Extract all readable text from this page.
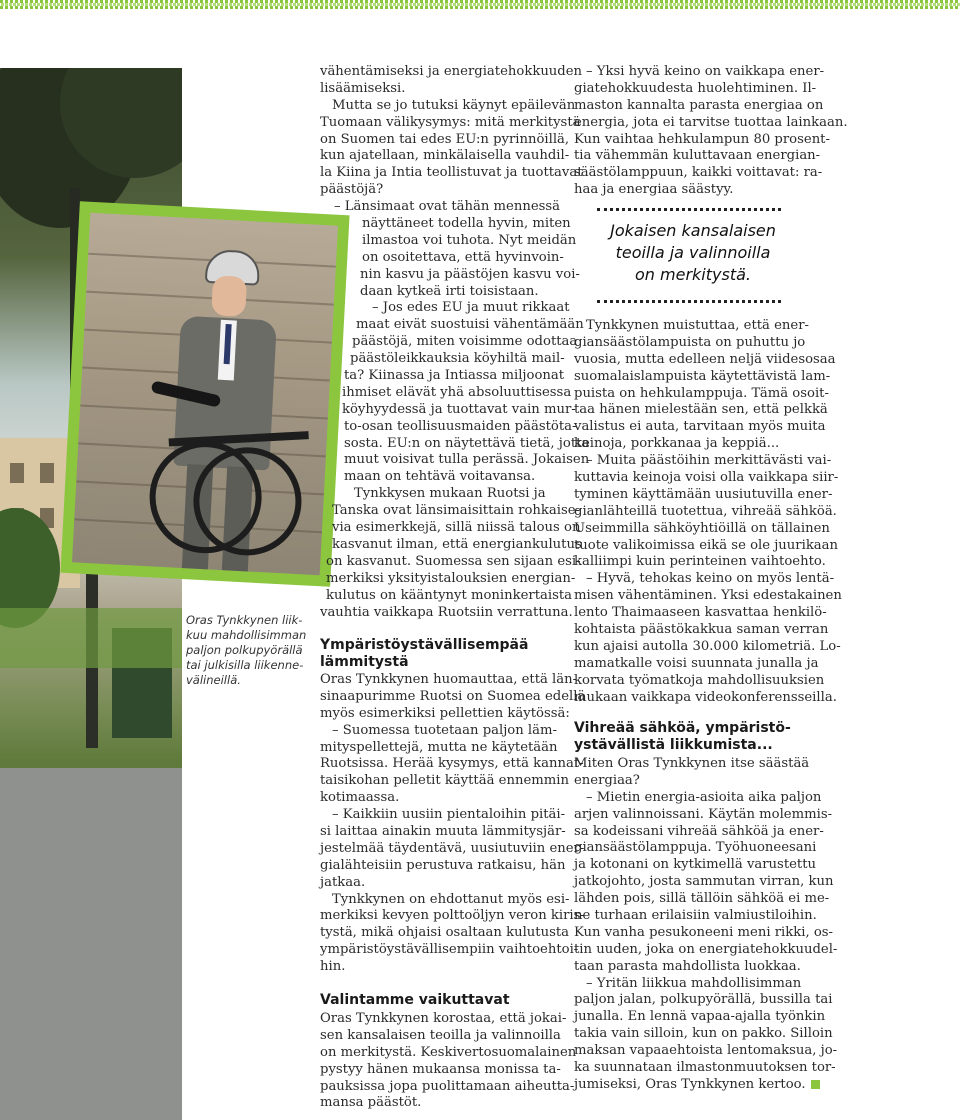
Oras Tynkkynen liik-
kuu mahdollisimman
paljon polkupyörällä
tai julkisilla liikenne-
välineillä.
vähentämiseksi ja energiatehokkuuden
lisäämiseksi.
Mutta se jo tutuksi käynyt epäilevän
Tuomaan välikysymys: mitä merkitystä
on Suomen tai edes EU:n pyrinnöillä,
kun ajatellaan, minkälaisella vauhdil-
la Kiina ja Intia teollistuvat ja tuottavat
päästöjä?
– Länsimaat ovat tähän mennessä
näyttäneet todella hyvin, miten
ilmastoa voi tuhota. Nyt meidän
on osoitettava, että hyvinvoin-
nin kasvu ja päästöjen kasvu voi-
daan kytkeä irti toisistaan.
– Jos edes EU ja muut rikkaat
maat eivät suostuisi vähentämään
päästöjä, miten voisimme odottaa
päästöleikkauksia köyhiltä mail-
ta? Kiinassa ja Intiassa miljoonat
ihmiset elävät yhä absoluuttisessa
köyhyydessä ja tuottavat vain mur-
to-osan teollisuusmaiden päästöta-
sosta. EU:n on näytettävä tietä, jotta
muut voisivat tulla perässä. Jokaisen
maan on tehtävä voitavansa.
Tynkkysen mukaan Ruotsi ja
Tanska ovat länsimaisittain rohkaise-
via esimerkkejä, sillä niissä talous on
kasvanut ilman, että energiankulutus
on kasvanut. Suomessa sen sijaan esi-
merkiksi yksityistalouksien energian-
kulutus on kääntynyt moninkertaista
vauhtia vaikkapa Ruotsiin verrattuna.
Ympäristöystävällisempää
lämmitystä
Oras Tynkkynen huomauttaa, että län-
sinaapurimme Ruotsi on Suomea edellä
myös esimerkiksi pellettien käytössä:
– Suomessa tuotetaan paljon läm-
mityspellettejä, mutta ne käytetään
Ruotsissa. Herää kysymys, että kannat-
taisikohan pelletit käyttää ennemmin
kotimaassa.
– Kaikkiin uusiin pientaloihin pitäi-
si laittaa ainakin muuta lämmitysjär-
jestelmää täydentävä, uusiutuviin ener-
gialähteisiin perustuva ratkaisu, hän
jatkaa.
Tynkkynen on ehdottanut myös esi-
merkiksi kevyen polttoöljyn veron kiris-
tystä, mikä ohjaisi osaltaan kulutusta
ympäristöystävällisempiin vaihtoehtoi-
hin.
Valintamme vaikuttavat
Oras Tynkkynen korostaa, että jokai-
sen kansalaisen teoilla ja valinnoilla
on merkitystä. Keskivertosuomalainen
pystyy hänen mukaansa monissa ta-
pauksissa jopa puolittamaan aiheutta-
mansa päästöt.
– Yksi hyvä keino on vaikkapa ener-
giatehokkuudesta huolehtiminen. Il-
maston kannalta parasta energiaa on
energia, jota ei tarvitse tuottaa lainkaan.
Kun vaihtaa hehkulampun 80 prosent-
tia vähemmän kuluttavaan energian-
säästölamppuun, kaikki voittavat: ra-
haa ja energiaa säästyy.
Jokaisen kansalaisen
teoilla ja valinnoilla
on merkitystä.
Tynkkynen muistuttaa, että ener-
giansäästölampuista on puhuttu jo
vuosia, mutta edelleen neljä viidesosaa
suomalaislampuista käytettävistä lam-
puista on hehkulamppuja. Tämä osoit-
taa hänen mielestään sen, että pelkkä
valistus ei auta, tarvitaan myös muita
keinoja, porkkanaa ja keppiä...
– Muita päästöihin merkittävästi vai-
kuttavia keinoja voisi olla vaikkapa siir-
tyminen käyttämään uusiutuvilla ener-
gianlähteillä tuotettua, vihreää sähköä.
Useimmilla sähköyhtiöillä on tällainen
tuote valikoimissa eikä se ole juurikaan
kalliimpi kuin perinteinen vaihtoehto.
– Hyvä, tehokas keino on myös lentä-
misen vähentäminen. Yksi edestakainen
lento Thaimaaseen kasvattaa henkilö-
kohtaista päästökakkua saman verran
kun ajaisi autolla 30.000 kilometriä. Lo-
mamatkalle voisi suunnata junalla ja
korvata työmatkoja mahdollisuuksien
mukaan vaikkapa videokonferensseilla.
Vihreää sähköä, ympäristö-
ystävällistä liikkumista...
Miten Oras Tynkkynen itse säästää
energiaa?
– Mietin energia-asioita aika paljon
arjen valinnoissani. Käytän molemmis-
sa kodeissani vihreää sähköä ja ener-
giansäästölamppuja. Työhuoneesani
ja kotonani on kytkimellä varustettu
jatkojohto, josta sammutan virran, kun
lähden pois, sillä tällöin sähköä ei me-
ne turhaan erilaisiin valmiustiloihin.
Kun vanha pesukoneeni meni rikki, os-
tin uuden, joka on energiatehokkuudel-
taan parasta mahdollista luokkaa.
– Yritän liikkua mahdollisimman
paljon jalan, polkupyörällä, bussilla tai
junalla. En lennä vapaa-ajalla työnkin
takia vain silloin, kun on pakko. Silloin
maksan vapaaehtoista lentomaksua, jo-
ka suunnataan ilmastonmuutoksen tor-
jumiseksi, Oras Tynkkynen kertoo.
